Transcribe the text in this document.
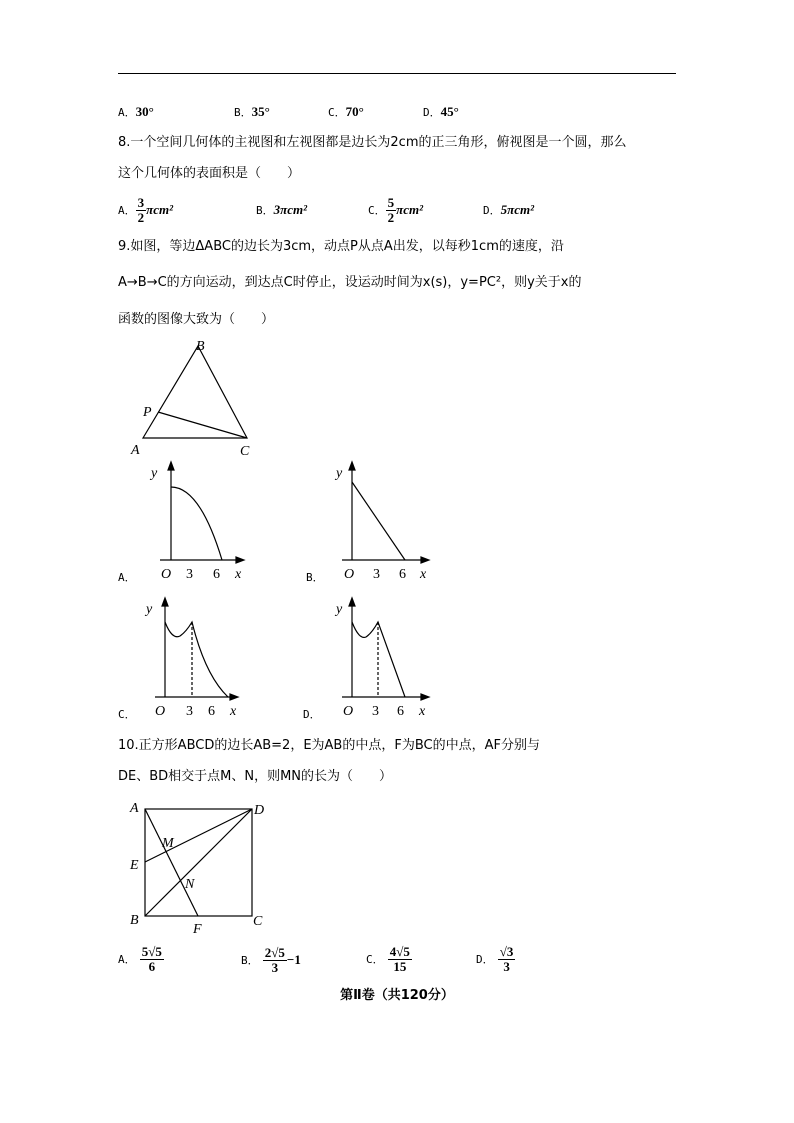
A．30°	B．35°	C．70°	D．45°
8.一个空间几何体的主视图和左视图都是边长为2cm的正三角形，俯视图是一个圆，那么
这个几何体的表面积是（　　）
A． $\frac{3}{2} \pi cm^2$	B．3πcm²	C． $\frac{5}{2} \pi cm^2$	D．5πcm²
9.如图，等边ΔABC的边长为3cm，动点P从点A出发，以每秒1cm的速度，沿
A→B→C的方向运动，到达点C时停止，设运动时间为x(s)，y=PC²，则y关于x的
函数的图像大致为（　　）
A
B
C
P
y
O 3 6 x
y
O 3 6 x
y
O 3 6 x
y
O 3 6 x
A	D
E
B	C
F
M
N
A．	B．
C．	D．
10.正方形ABCD的边长AB=2，E为AB的中点，F为BC的中点，AF分别与
DE、BD相交于点M、N，则MN的长为（　　）
A． $\frac{5√5}{6}$	B． $\frac{2√5}{3} -1$	C． $\frac{4√5}{15}$	D． $\frac{√3}{3}$
第Ⅱ卷（共120分）
